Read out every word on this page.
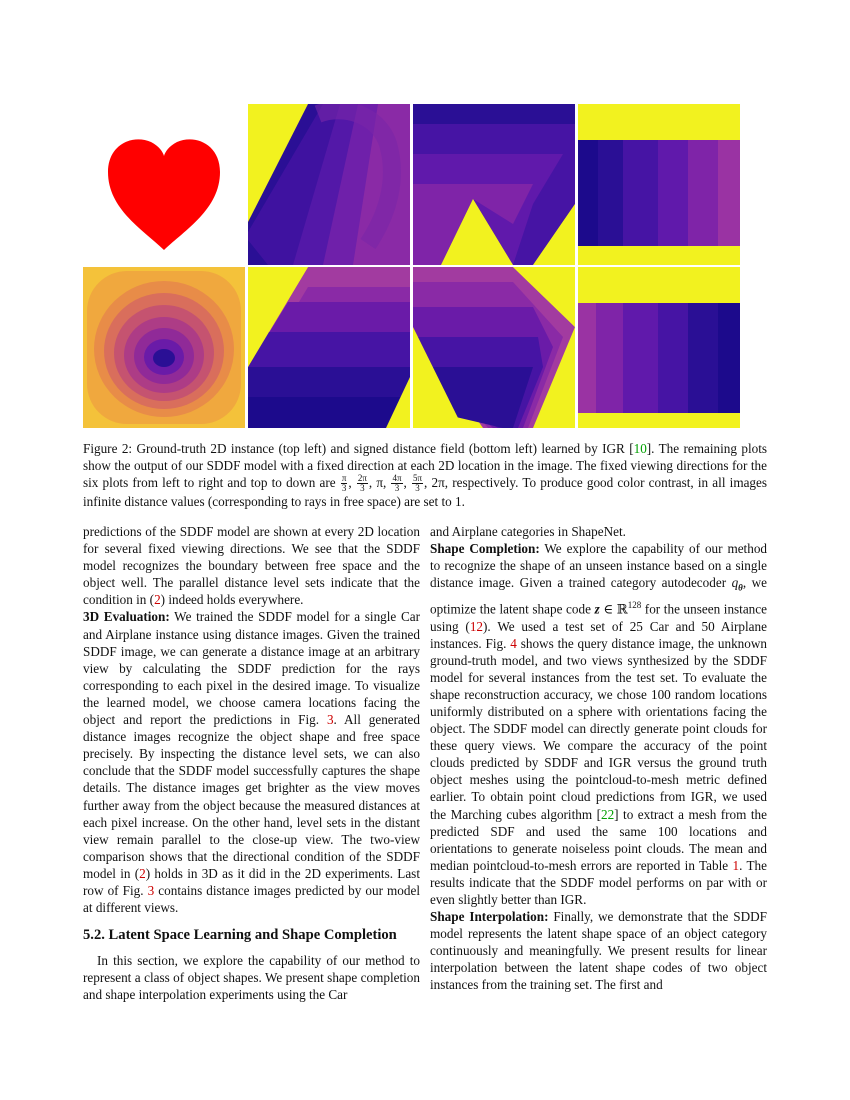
Figure 2: Ground-truth 2D instance (top left) and signed distance field (bottom left) learned by IGR [10]. The remaining plots show the output of our SDDF model with a fixed direction at each 2D location in the image. The fixed viewing directions for the six plots from left to right and top to down are $\frac{\pi}{3}$ , $\frac{2\pi}{3}$ , π, $\frac{4\pi}{3}$ , $\frac{5\pi}{3}$ , 2π, respectively. To produce good color contrast, in all images infinite distance values (corresponding to rays in free space) are set to 1.

predictions of the SDDF model are shown at every 2D location for several fixed viewing directions. We see that the SDDF model recognizes the boundary between free space and the object well. The parallel distance level sets indicate that the condition in (2) indeed holds everywhere.

3D Evaluation: We trained the SDDF model for a single Car and Airplane instance using distance images. Given the trained SDDF image, we can generate a distance image at an arbitrary view by calculating the SDDF prediction for the rays corresponding to each pixel in the desired image. To visualize the learned model, we choose camera locations facing the object and report the predictions in Fig. 3. All generated distance images recognize the object shape and free space precisely. By inspecting the distance level sets, we can also conclude that the SDDF model successfully captures the shape details. The distance images get brighter as the view moves further away from the object because the measured distances at each pixel increase. On the other hand, level sets in the distant view remain parallel to the close-up view. The two-view comparison shows that the directional condition of the SDDF model in (2) holds in 3D as it did in the 2D experiments. Last row of Fig. 3 contains distance images predicted by our model at different views.

5.2. Latent Space Learning and Shape Completion

In this section, we explore the capability of our method to represent a class of object shapes. We present shape completion and shape interpolation experiments using the Car

and Airplane categories in ShapeNet.

Shape Completion: We explore the capability of our method to recognize the shape of an unseen instance based on a single distance image. Given a trained category autodecoder $q_\theta$, we optimize the latent shape code z ∈ ℝ$^{128}$ for the unseen instance using (12). We used a test set of 25 Car and 50 Airplane instances. Fig. 4 shows the query distance image, the unknown ground-truth model, and two views synthesized by the SDDF model for several instances from the test set. To evaluate the shape reconstruction accuracy, we chose 100 random locations uniformly distributed on a sphere with orientations facing the object. The SDDF model can directly generate point clouds for these query views. We compare the accuracy of the point clouds predicted by SDDF and IGR versus the ground truth object meshes using the pointcloud-to-mesh metric defined earlier. To obtain point cloud predictions from IGR, we used the Marching cubes algorithm [22] to extract a mesh from the predicted SDF and used the same 100 locations and orientations to generate noiseless point clouds. The mean and median pointcloud-to-mesh errors are reported in Table 1. The results indicate that the SDDF model performs on par with or even slightly better than IGR.

Shape Interpolation: Finally, we demonstrate that the SDDF model represents the latent shape space of an object category continuously and meaningfully. We present results for linear interpolation between the latent shape codes of two object instances from the training set. The first and
